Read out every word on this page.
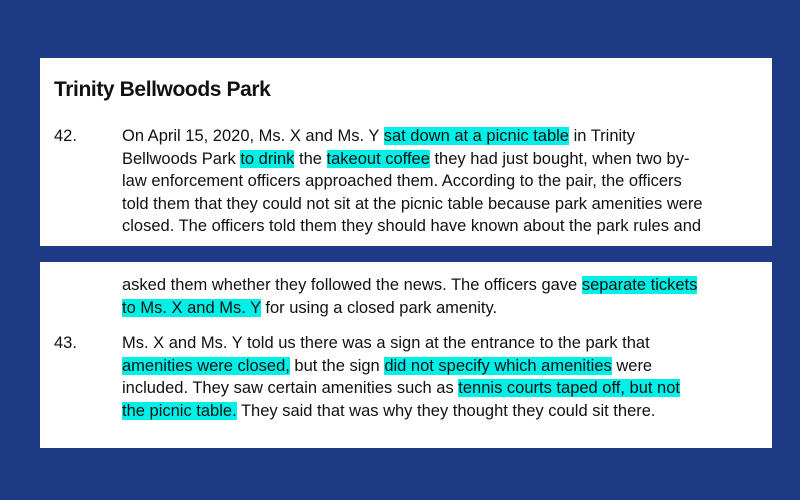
Trinity Bellwoods Park
42.	On April 15, 2020, Ms. X and Ms. Y sat down at a picnic table in Trinity
Bellwoods Park to drink the takeout coffee they had just bought, when two by-
law enforcement officers approached them. According to the pair, the officers
told them that they could not sit at the picnic table because park amenities were
closed. The officers told them they should have known about the park rules and
asked them whether they followed the news. The officers gave separate tickets
to Ms. X and Ms. Y for using a closed park amenity.
43.	Ms. X and Ms. Y told us there was a sign at the entrance to the park that
amenities were closed, but the sign did not specify which amenities were
included. They saw certain amenities such as tennis courts taped off, but not
the picnic table. They said that was why they thought they could sit there.
